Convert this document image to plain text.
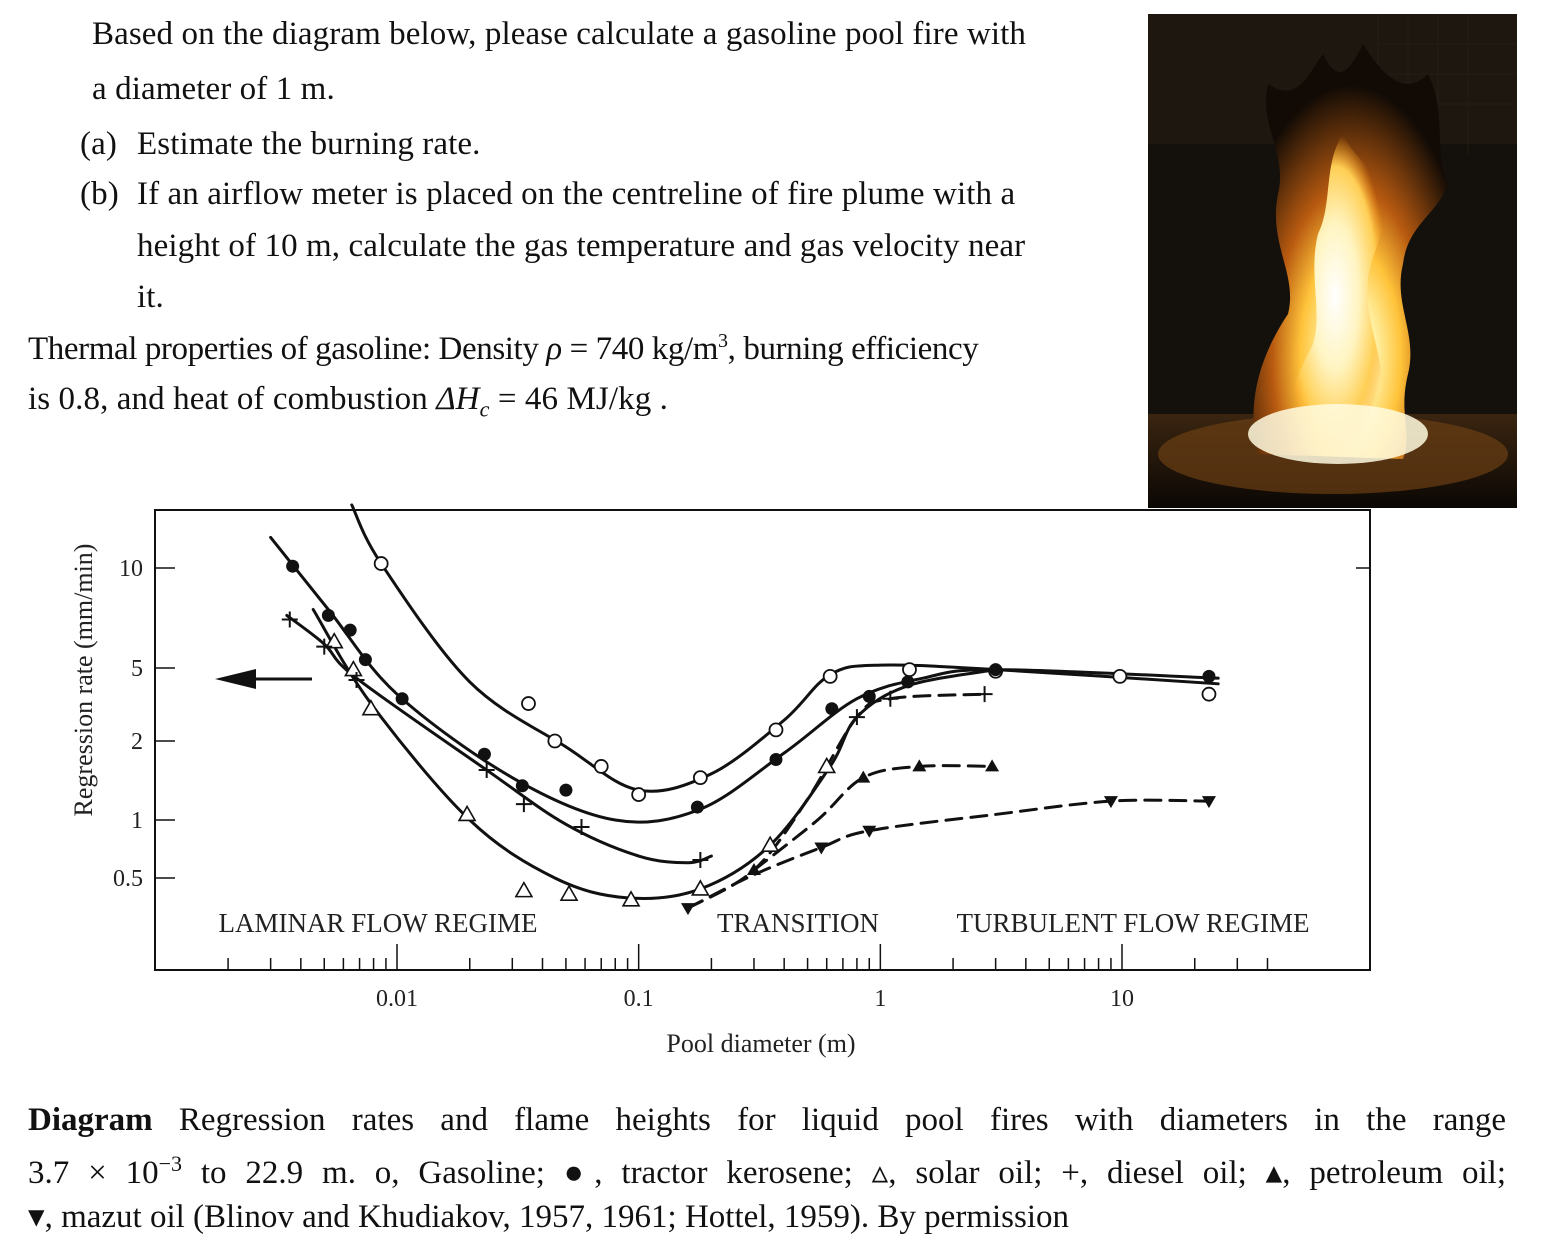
Based on the diagram below, please calculate a gasoline pool fire with
a diameter of 1 m.
(a) Estimate the burning rate.
(b) If an airflow meter is placed on the centreline of fire plume with a
height of 10 m, calculate the gas temperature and gas velocity near
it.
Thermal properties of gasoline: Density ρ = 740 $kg/m^3$, burning efficiency
is 0.8, and heat of combustion $\Delta H_c = 46$ MJ/kg .
10
5
2
1
0.5
0.01	0.1	1	10
Pool diameter (m)
Regression rate (mm/min)
LAMINAR FLOW REGIME	TRANSITION	TURBULENT FLOW REGIME
Diagram Regression rates and flame heights for liquid pool fires with diameters in the range
$3.7 \times 10^{-3}$ to 22.9 m. o, Gasoline; ●, tractor kerosene; ▵, solar oil; +, diesel oil; ▴, petroleum oil;
▾, mazut oil (Blinov and Khudiakov, 1957, 1961; Hottel, 1959). By permission
